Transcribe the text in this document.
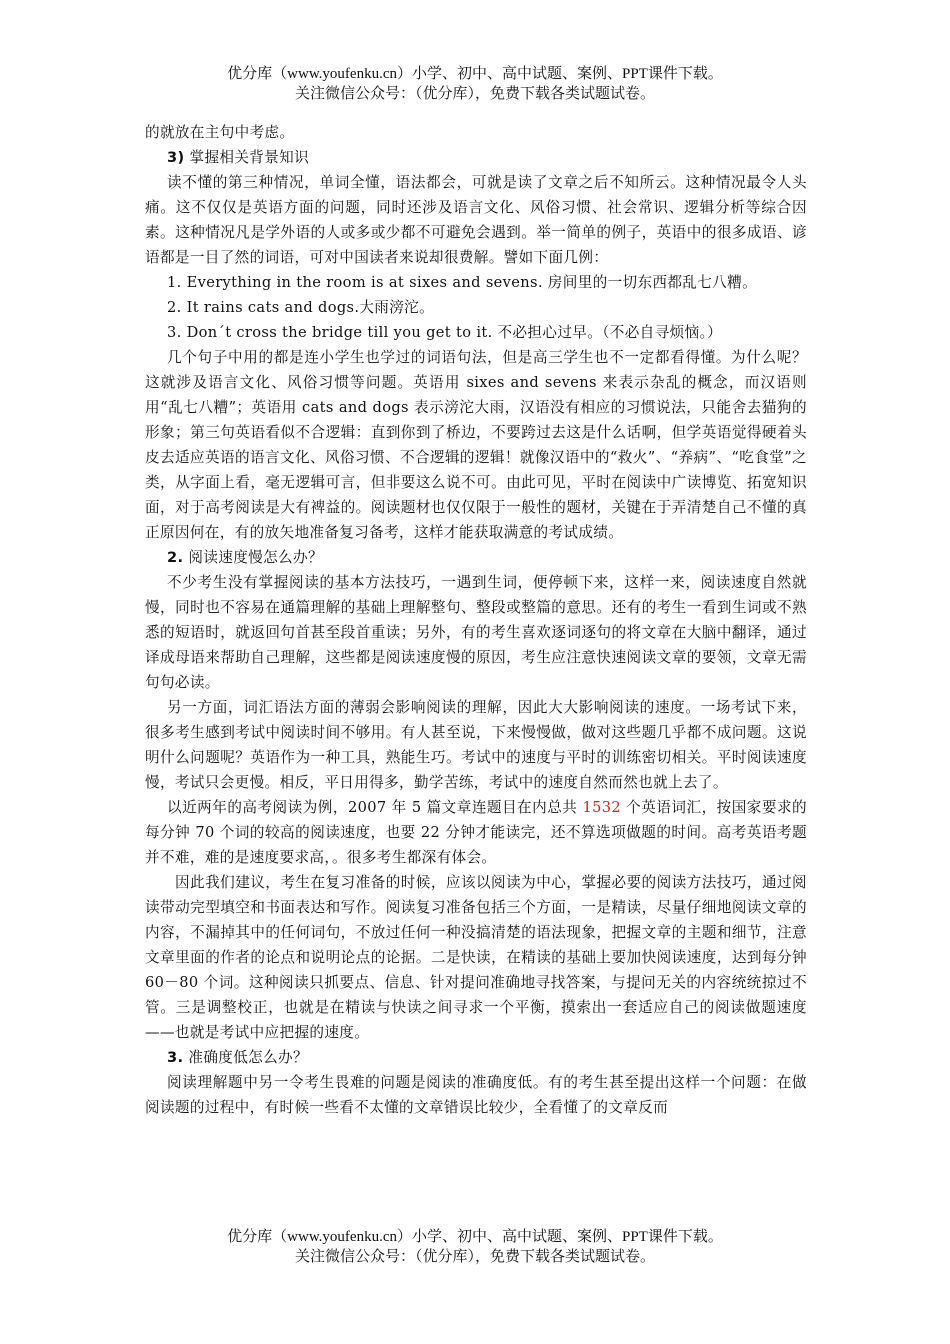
优分库（www.youfenku.cn）小学、初中、高中试题、案例、PPT课件下载。
关注微信公众号：（优分库），免费下载各类试题试卷。

的就放在主句中考虑。

3) 掌握相关背景知识

读不懂的第三种情况，单词全懂，语法都会，可就是读了文章之后不知所云。这种情况最令人头痛。这不仅仅是英语方面的问题，同时还涉及语言文化、风俗习惯、社会常识、逻辑分析等综合因素。这种情况凡是学外语的人或多或少都不可避免会遇到。举一简单的例子，英语中的很多成语、谚语都是一目了然的词语，可对中国读者来说却很费解。譬如下面几例：

1. Everything in the room is at sixes and sevens. 房间里的一切东西都乱七八糟。

2. It rains cats and dogs.大雨滂沱。

3. Don´t cross the bridge till you get to it. 不必担心过早。（不必自寻烦恼。）

几个句子中用的都是连小学生也学过的词语句法，但是高三学生也不一定都看得懂。为什么呢？这就涉及语言文化、风俗习惯等问题。英语用 sixes and sevens 来表示杂乱的概念，而汉语则用“乱七八糟”；英语用 cats and dogs 表示滂沱大雨，汉语没有相应的习惯说法，只能舍去猫狗的形象；第三句英语看似不合逻辑：直到你到了桥边，不要跨过去这是什么话啊，但学英语觉得硬着头皮去适应英语的语言文化、风俗习惯、不合逻辑的逻辑！就像汉语中的“救火”、“养病”、“吃食堂”之类，从字面上看，毫无逻辑可言，但非要这么说不可。由此可见，平时在阅读中广读博览、拓宽知识面，对于高考阅读是大有裨益的。阅读题材也仅仅限于一般性的题材，关键在于弄清楚自己不懂的真正原因何在，有的放矢地准备复习备考，这样才能获取满意的考试成绩。

2. 阅读速度慢怎么办？

不少考生没有掌握阅读的基本方法技巧，一遇到生词，便停顿下来，这样一来，阅读速度自然就慢，同时也不容易在通篇理解的基础上理解整句、整段或整篇的意思。还有的考生一看到生词或不熟悉的短语时，就返回句首甚至段首重读；另外，有的考生喜欢逐词逐句的将文章在大脑中翻译，通过译成母语来帮助自己理解，这些都是阅读速度慢的原因，考生应注意快速阅读文章的要领，文章无需句句必读。

另一方面，词汇语法方面的薄弱会影响阅读的理解，因此大大影响阅读的速度。一场考试下来，很多考生感到考试中阅读时间不够用。有人甚至说，下来慢慢做，做对这些题几乎都不成问题。这说明什么问题呢？英语作为一种工具，熟能生巧。考试中的速度与平时的训练密切相关。平时阅读速度慢，考试只会更慢。相反，平日用得多，勤学苦练，考试中的速度自然而然也就上去了。

以近两年的高考阅读为例，2007 年 5 篇文章连题目在内总共 1532 个英语词汇，按国家要求的每分钟 70 个词的较高的阅读速度，也要 22 分钟才能读完，还不算选项做题的时间。高考英语考题并不难，难的是速度要求高，。很多考生都深有体会。

因此我们建议，考生在复习准备的时候，应该以阅读为中心，掌握必要的阅读方法技巧，通过阅读带动完型填空和书面表达和写作。阅读复习准备包括三个方面，一是精读，尽量仔细地阅读文章的内容，不漏掉其中的任何词句，不放过任何一种没搞清楚的语法现象，把握文章的主题和细节，注意文章里面的作者的论点和说明论点的论据。二是快读，在精读的基础上要加快阅读速度，达到每分钟 60－80 个词。这种阅读只抓要点、信息、针对提问准确地寻找答案，与提问无关的内容统统掠过不管。三是调整校正，也就是在精读与快读之间寻求一个平衡，摸索出一套适应自己的阅读做题速度——也就是考试中应把握的速度。

3. 准确度低怎么办？

阅读理解题中另一令考生畏难的问题是阅读的准确度低。有的考生甚至提出这样一个问题：在做阅读题的过程中，有时候一些看不太懂的文章错误比较少，全看懂了的文章反而

优分库（www.youfenku.cn）小学、初中、高中试题、案例、PPT课件下载。
关注微信公众号：（优分库），免费下载各类试题试卷。
